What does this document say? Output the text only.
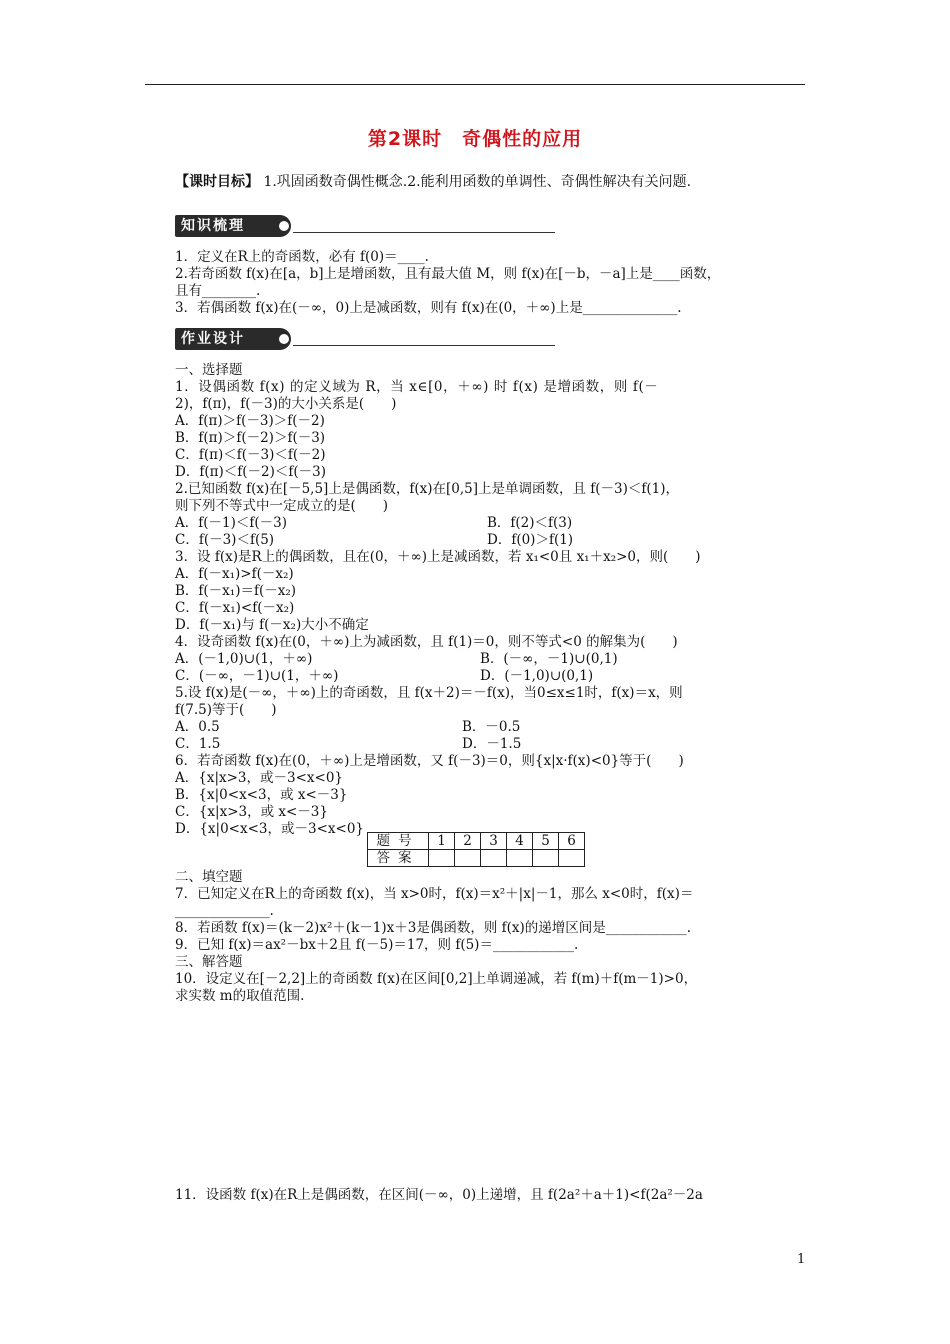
第2课时　奇偶性的应用
【课时目标】 1.巩固函数奇偶性概念.2.能利用函数的单调性、奇偶性解决有关问题.
知识梳理
1．定义在R上的奇函数，必有 f(0)＝____.
2.若奇函数 f(x)在[a，b]上是增函数，且有最大值 M，则 f(x)在[－b，－a]上是____函数，
且有________.
3．若偶函数 f(x)在(－∞，0)上是减函数，则有 f(x)在(0，＋∞)上是______________.
作业设计
一、选择题
1．设偶函数 f(x) 的定义域为 R，当 x∈[0，＋∞) 时 f(x) 是增函数，则 f(－
2)，f(π)，f(－3)的大小关系是(　　)
A．f(π)＞f(－3)＞f(－2)
B．f(π)＞f(－2)＞f(－3)
C．f(π)＜f(－3)＜f(－2)
D．f(π)＜f(－2)＜f(－3)
2.已知函数 f(x)在[－5,5]上是偶函数，f(x)在[0,5]上是单调函数，且 f(－3)＜f(1)，
则下列不等式中一定成立的是(　　)
A．f(－1)＜f(－3)	B．f(2)＜f(3)
C．f(－3)＜f(5)	D．f(0)＞f(1)
3．设 f(x)是R上的偶函数，且在(0，＋∞)上是减函数，若 x₁<0且 x₁＋x₂>0，则(　　)
A．f(－x₁)>f(－x₂)
B．f(－x₁)＝f(－x₂)
C．f(－x₁)<f(－x₂)
D．f(－x₁)与 f(－x₂)大小不确定
4．设奇函数 f(x)在(0，＋∞)上为减函数，且 f(1)＝0，则不等式<0 的解集为(　　)
A．(－1,0)∪(1，＋∞)	B．(－∞，－1)∪(0,1)
C．(－∞，－1)∪(1，＋∞)	D．(－1,0)∪(0,1)
5.设 f(x)是(－∞，＋∞)上的奇函数，且 f(x＋2)＝－f(x)，当0≤x≤1时，f(x)＝x，则
f(7.5)等于(　　)
A．0.5	B．－0.5
C．1.5	D．－1.5
6．若奇函数 f(x)在(0，＋∞)上是增函数，又 f(－3)＝0，则{x|x·f(x)<0}等于(　　)
A．{x|x>3，或－3<x<0}
B．{x|0<x<3，或 x<－3}
C．{x|x>3，或 x<－3}
D．{x|0<x<3，或－3<x<0}
题号	1	2	3	4	5	6
答案						
二、填空题
7．已知定义在R上的奇函数 f(x)，当 x>0时，f(x)＝x²＋|x|－1，那么 x<0时，f(x)＝
______________.
8．若函数 f(x)＝(k－2)x²＋(k－1)x＋3是偶函数，则 f(x)的递增区间是____________.
9．已知 f(x)＝ax²－bx＋2且 f(－5)＝17，则 f(5)＝____________.
三、解答题
10．设定义在[－2,2]上的奇函数 f(x)在区间[0,2]上单调递减，若 f(m)＋f(m－1)>0，
求实数 m的取值范围.
11．设函数 f(x)在R上是偶函数，在区间(－∞，0)上递增，且 f(2a²＋a＋1)<f(2a²－2a
1
